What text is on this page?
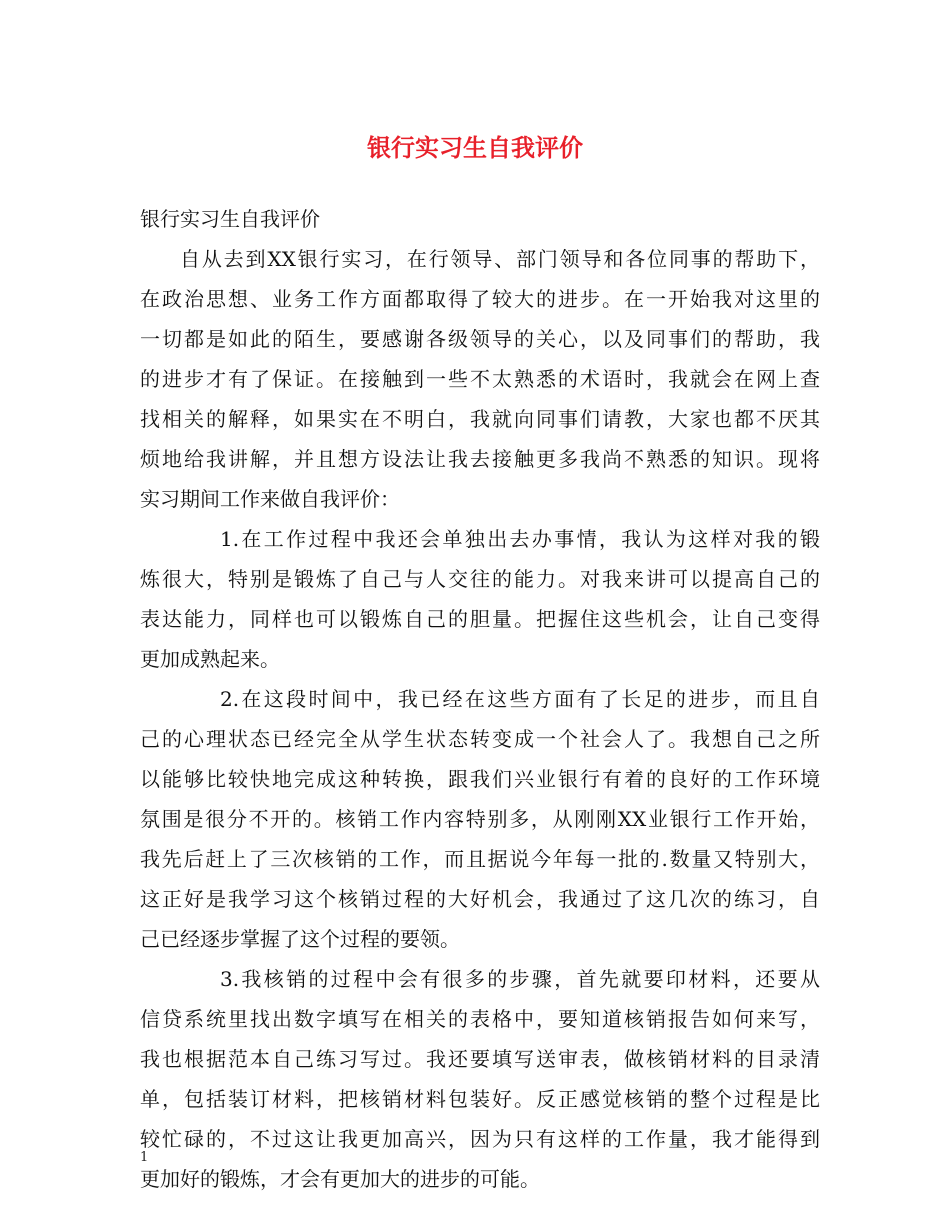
银行实习生自我评价
银行实习生自我评价
自从去到XX银行实习，在行领导、部门领导和各位同事的帮助下，
在政治思想、业务工作方面都取得了较大的进步。在一开始我对这里的
一切都是如此的陌生，要感谢各级领导的关心，以及同事们的帮助，我
的进步才有了保证。在接触到一些不太熟悉的术语时，我就会在网上查
找相关的解释，如果实在不明白，我就向同事们请教，大家也都不厌其
烦地给我讲解，并且想方设法让我去接触更多我尚不熟悉的知识。现将
实习期间工作来做自我评价：
1.在工作过程中我还会单独出去办事情，我认为这样对我的锻
炼很大，特别是锻炼了自己与人交往的能力。对我来讲可以提高自己的
表达能力，同样也可以锻炼自己的胆量。把握住这些机会，让自己变得
更加成熟起来。
2.在这段时间中，我已经在这些方面有了长足的进步，而且自
己的心理状态已经完全从学生状态转变成一个社会人了。我想自己之所
以能够比较快地完成这种转换，跟我们兴业银行有着的良好的工作环境
氛围是很分不开的。核销工作内容特别多，从刚刚XX业银行工作开始，
我先后赶上了三次核销的工作，而且据说今年每一批的.数量又特别大，
这正好是我学习这个核销过程的大好机会，我通过了这几次的练习，自
己已经逐步掌握了这个过程的要领。
3.我核销的过程中会有很多的步骤，首先就要印材料，还要从
信贷系统里找出数字填写在相关的表格中，要知道核销报告如何来写，
我也根据范本自己练习写过。我还要填写送审表，做核销材料的目录清
单，包括装订材料，把核销材料包装好。反正感觉核销的整个过程是比
较忙碌的，不过这让我更加高兴，因为只有这样的工作量，我才能得到
更加好的锻炼，才会有更加大的进步的可能。
1
